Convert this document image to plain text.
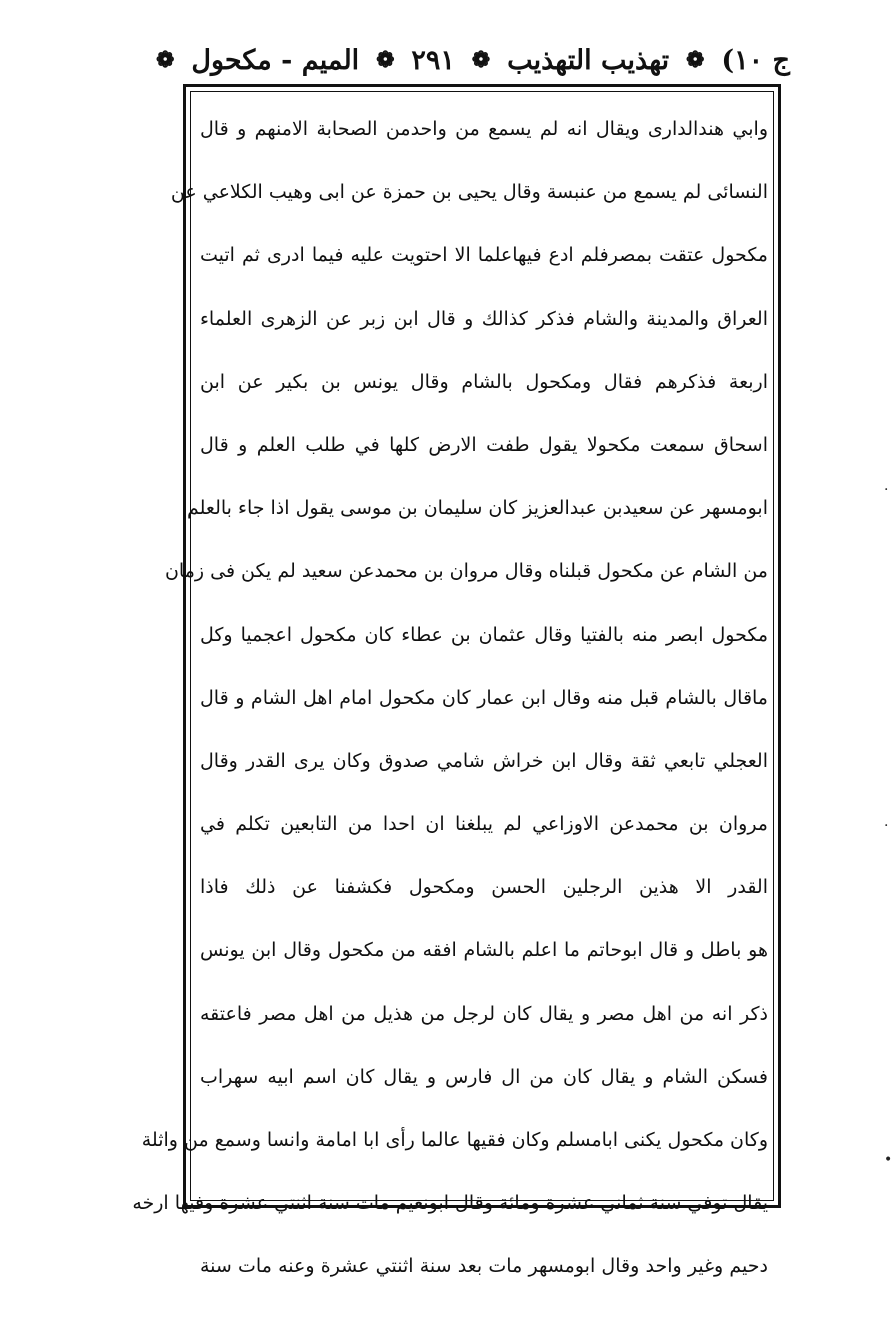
ج ١٠)
❁
تهذيب التهذيب
❁
٢٩١
❁
الميم - مكحول
❁
وابي هندالدارى ويقال انه لم يسمع من واحدمن الصحابة الامنهم و قال
النسائى لم يسمع من عنبسة وقال يحيى بن حمزة عن ابى وهيب الكلاعي عن
مكحول عتقت بمصرفلم ادع فيهاعلما الا احتويت عليه فيما ادرى ثم اتيت
العراق والمدينة والشام فذكر كذالك و قال ابن زبر عن الزهرى العلماء
اربعة فذكرهم فقال ومكحول بالشام وقال يونس بن بكير عن ابن
اسحاق سمعت مكحولا يقول طفت الارض كلها في طلب العلم و قال
ابومسهر عن سعيدبن عبدالعزيز كان سليمان بن موسى يقول اذا جاء بالعلم
من الشام عن مكحول قبلناه وقال مروان بن محمدعن سعيد لم يكن فى زمان
مكحول ابصر منه بالفتيا وقال عثمان بن عطاء كان مكحول اعجميا وكل
ماقال بالشام قبل منه وقال ابن عمار كان مكحول امام اهل الشام و قال
العجلي تابعي ثقة وقال ابن خراش شامي صدوق وكان يرى القدر وقال
مروان بن محمدعن الاوزاعي لم يبلغنا ان احدا من التابعين تكلم في
القدر الا هذين الرجلين الحسن ومكحول فكشفنا عن ذلك فاذا
هو باطل و قال ابوحاتم ما اعلم بالشام افقه من مكحول وقال ابن يونس
ذكر انه من اهل مصر و يقال كان لرجل من هذيل من اهل مصر فاعتقه
فسكن الشام و يقال كان من ال فارس و يقال كان اسم ابيه سهراب
وكان مكحول يكنى ابامسلم وكان فقيها عالما رأى ابا امامة وانسا وسمع من واثلة
يقال توفي سنة ثماني عشرة ومائة وقال ابونعيم مات سنة اثنتي عشرة وفيها ارخه
دحيم وغير واحد وقال ابومسهر مات بعد سنة اثنتي عشرة وعنه مات سنة
·
·
•
